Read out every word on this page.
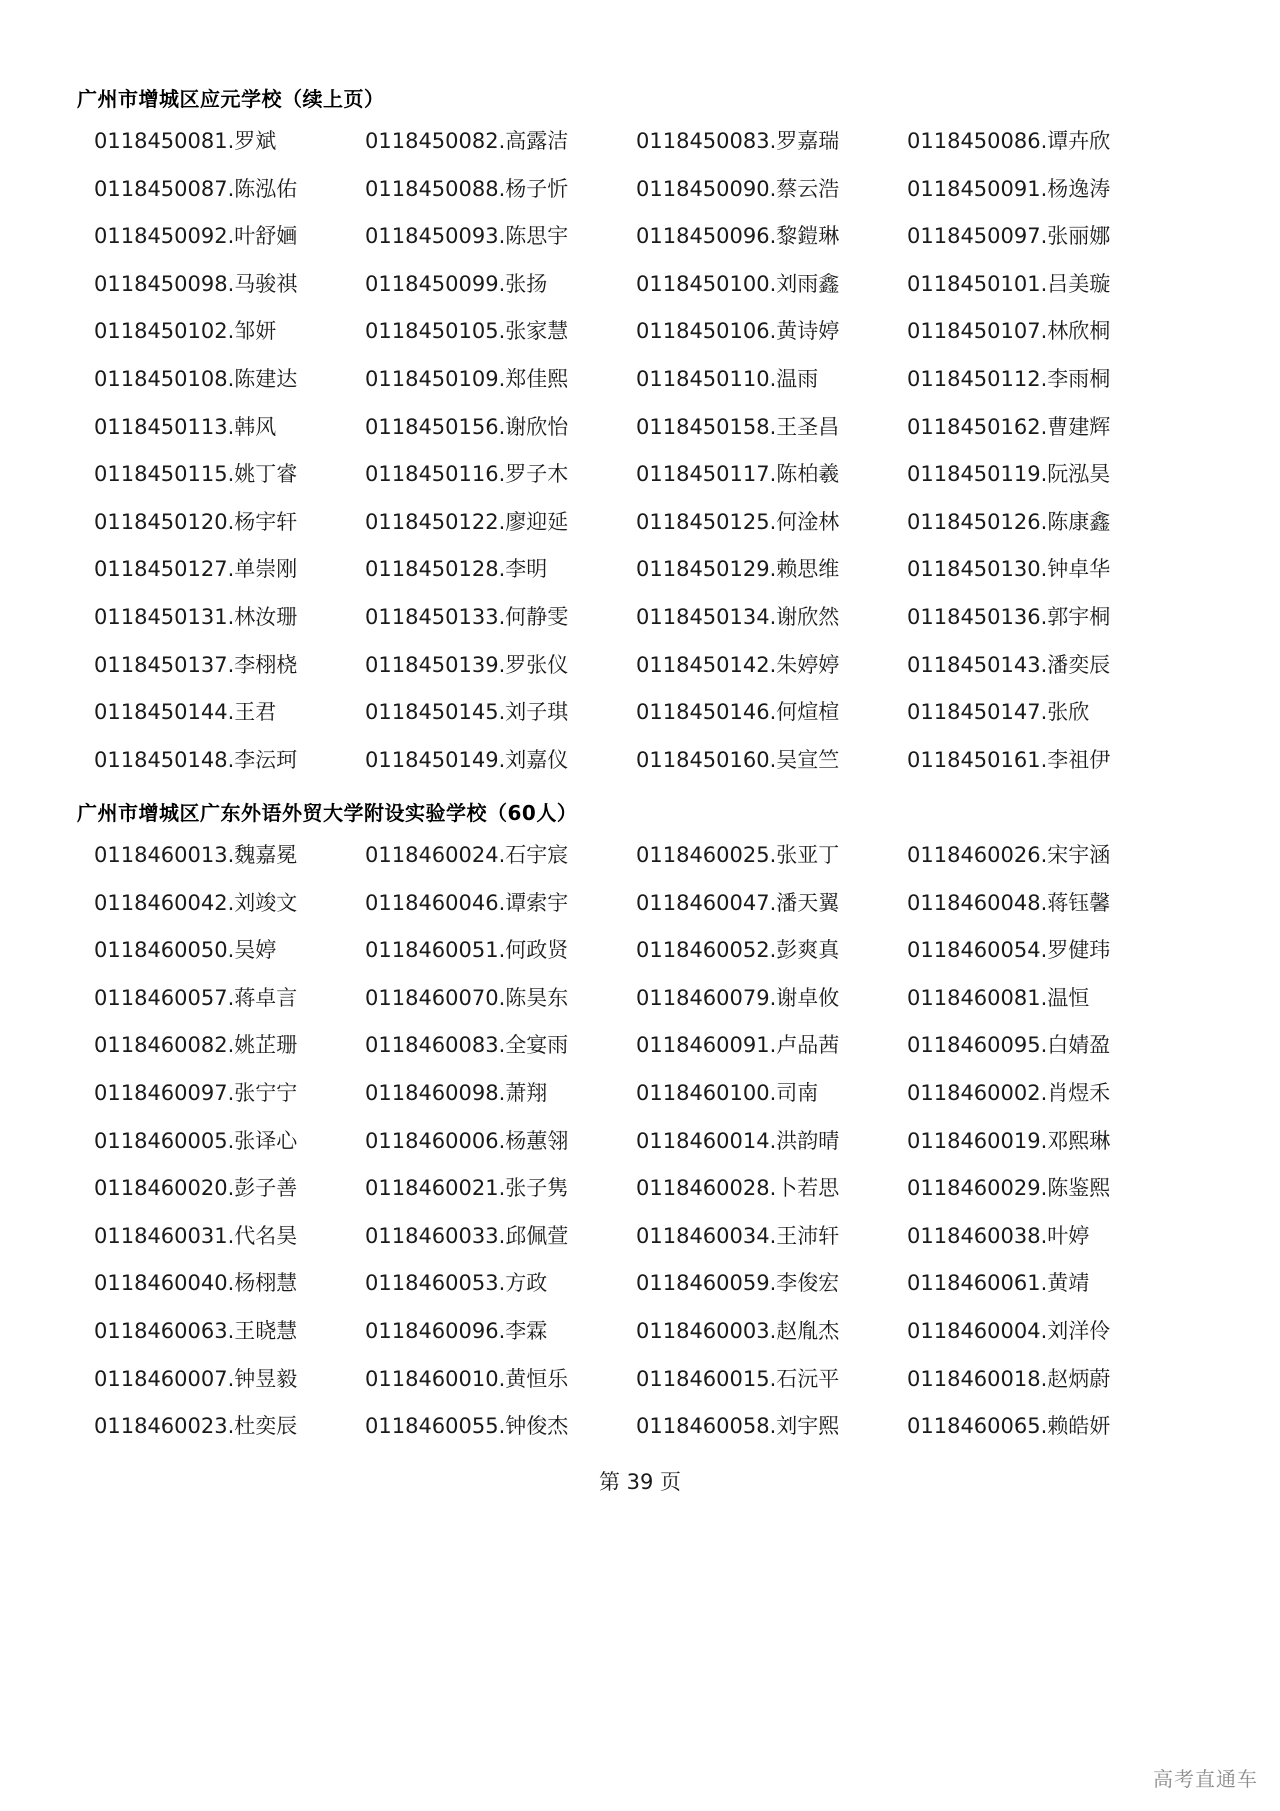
广州市增城区应元学校（续上页）
0118450081.罗斌	0118450082.高露洁	0118450083.罗嘉瑞	0118450086.谭卉欣
0118450087.陈泓佑	0118450088.杨子忻	0118450090.蔡云浩	0118450091.杨逸涛
0118450092.叶舒婳	0118450093.陈思宇	0118450096.黎鎧琳	0118450097.张丽娜
0118450098.马骏祺	0118450099.张扬	0118450100.刘雨鑫	0118450101.吕美璇
0118450102.邹妍	0118450105.张家慧	0118450106.黄诗婷	0118450107.林欣桐
0118450108.陈建达	0118450109.郑佳熙	0118450110.温雨	0118450112.李雨桐
0118450113.韩风	0118450156.谢欣怡	0118450158.王圣昌	0118450162.曹建辉
0118450115.姚丁睿	0118450116.罗子木	0118450117.陈柏羲	0118450119.阮泓昊
0118450120.杨宇轩	0118450122.廖迎延	0118450125.何淦林	0118450126.陈康鑫
0118450127.单崇刚	0118450128.李明	0118450129.赖思维	0118450130.钟卓华
0118450131.林汝珊	0118450133.何静雯	0118450134.谢欣然	0118450136.郭宇桐
0118450137.李栩桡	0118450139.罗张仪	0118450142.朱婷婷	0118450143.潘奕辰
0118450144.王君	0118450145.刘子琪	0118450146.何煊楦	0118450147.张欣
0118450148.李沄珂	0118450149.刘嘉仪	0118450160.吴宣竺	0118450161.李祖伊
广州市增城区广东外语外贸大学附设实验学校（60人）
0118460013.魏嘉冕	0118460024.石宇宸	0118460025.张亚丁	0118460026.宋宇涵
0118460042.刘竣文	0118460046.谭索宇	0118460047.潘天翼	0118460048.蒋钰馨
0118460050.吴婷	0118460051.何政贤	0118460052.彭爽真	0118460054.罗健玮
0118460057.蒋卓言	0118460070.陈昊东	0118460079.谢卓攸	0118460081.温恒
0118460082.姚芷珊	0118460083.全宴雨	0118460091.卢品茜	0118460095.白婧盈
0118460097.张宁宁	0118460098.萧翔	0118460100.司南	0118460002.肖煜禾
0118460005.张译心	0118460006.杨蕙翎	0118460014.洪韵晴	0118460019.邓熙琳
0118460020.彭子善	0118460021.张子隽	0118460028.卜若思	0118460029.陈鉴熙
0118460031.代名昊	0118460033.邱佩萱	0118460034.王沛轩	0118460038.叶婷
0118460040.杨栩慧	0118460053.方政	0118460059.李俊宏	0118460061.黄靖
0118460063.王晓慧	0118460096.李霖	0118460003.赵胤杰	0118460004.刘洋伶
0118460007.钟昱毅	0118460010.黄恒乐	0118460015.石沅平	0118460018.赵炳蔚
0118460023.杜奕辰	0118460055.钟俊杰	0118460058.刘宇熙	0118460065.赖皓妍
第 39 页
高考直通车
